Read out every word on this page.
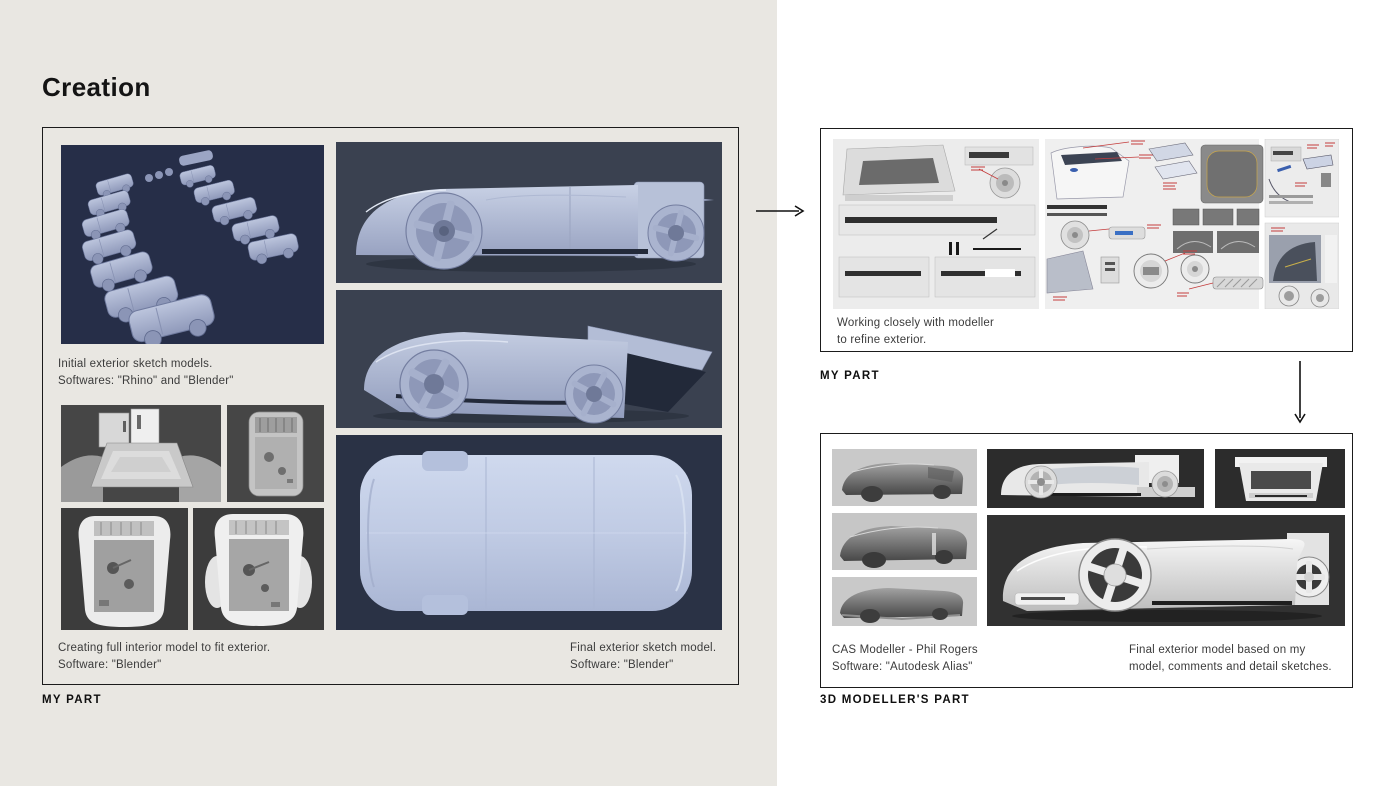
Creation
Initial exterior sketch models.
Softwares: "Rhino" and "Blender"
Creating full interior model to fit exterior.
Software: "Blender"
Final exterior sketch model.
Software: "Blender"
MY PART
Working closely with modeller
to refine exterior.
MY PART
CAS Modeller - Phil Rogers
Software: "Autodesk Alias"
Final exterior model based on my
model, comments and detail sketches.
3D MODELLER'S PART
